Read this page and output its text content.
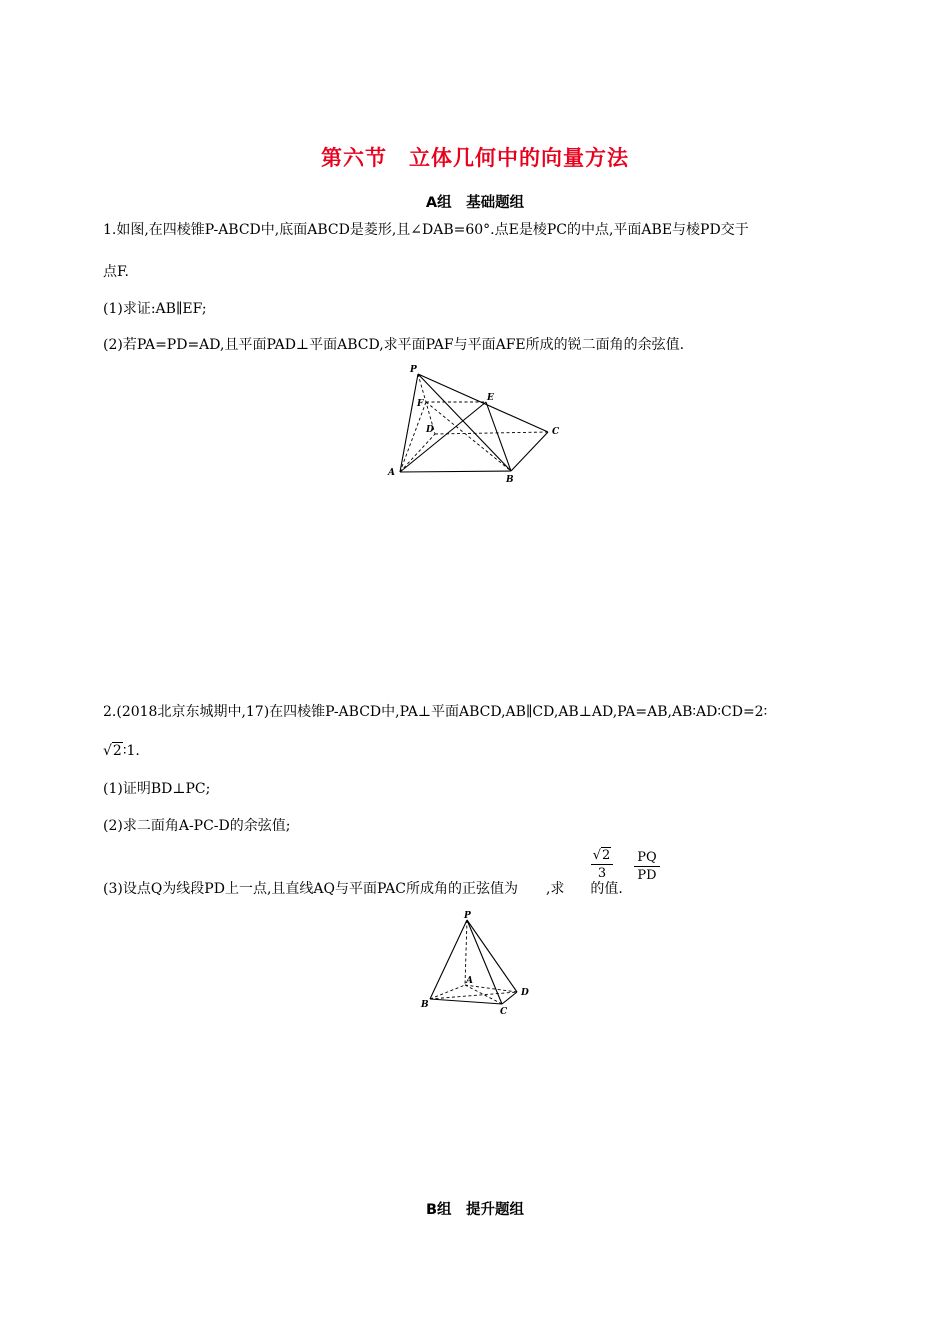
第六节　立体几何中的向量方法
A组　基础题组
1.如图,在四棱锥P-ABCD中,底面ABCD是菱形,且∠DAB=60°.点E是棱PC的中点,平面ABE与棱PD交于
点F.
(1)求证:AB∥EF;
(2)若PA=PD=AD,且平面PAD⊥平面ABCD,求平面PAF与平面AFE所成的锐二面角的余弦值.
P
F
E
D	C
A
B
2.(2018北京东城期中,17)在四棱锥P-ABCD中,PA⊥平面ABCD,AB∥CD,AB⊥AD,PA=AB,AB∶AD∶CD=2∶
√2∶1.
(1)证明BD⊥PC;
(2)求二面角A-PC-D的余弦值;
(3)设点Q为线段PD上一点,且直线AQ与平面PAC所成角的正弦值为 ,求 的值.
√2
3
PQ
PD
P
A
D
B
C
B组　提升题组
